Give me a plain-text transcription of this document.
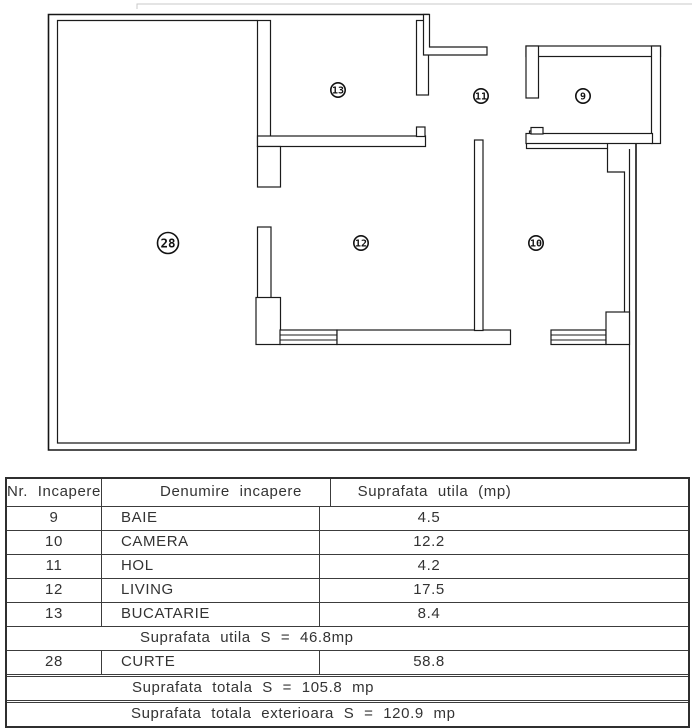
28
13
11	9
12	10
Nr. Incapere	Denumire incapere	Suprafata utila (mp)
9	BAIE	4.5
10	CAMERA	12.2
11	HOL	4.2
12	LIVING	17.5
13	BUCATARIE	8.4
Suprafata utila S = 46.8mp
28	CURTE	58.8
Suprafata totala S = 105.8 mp
Suprafata totala exterioara S = 120.9 mp
